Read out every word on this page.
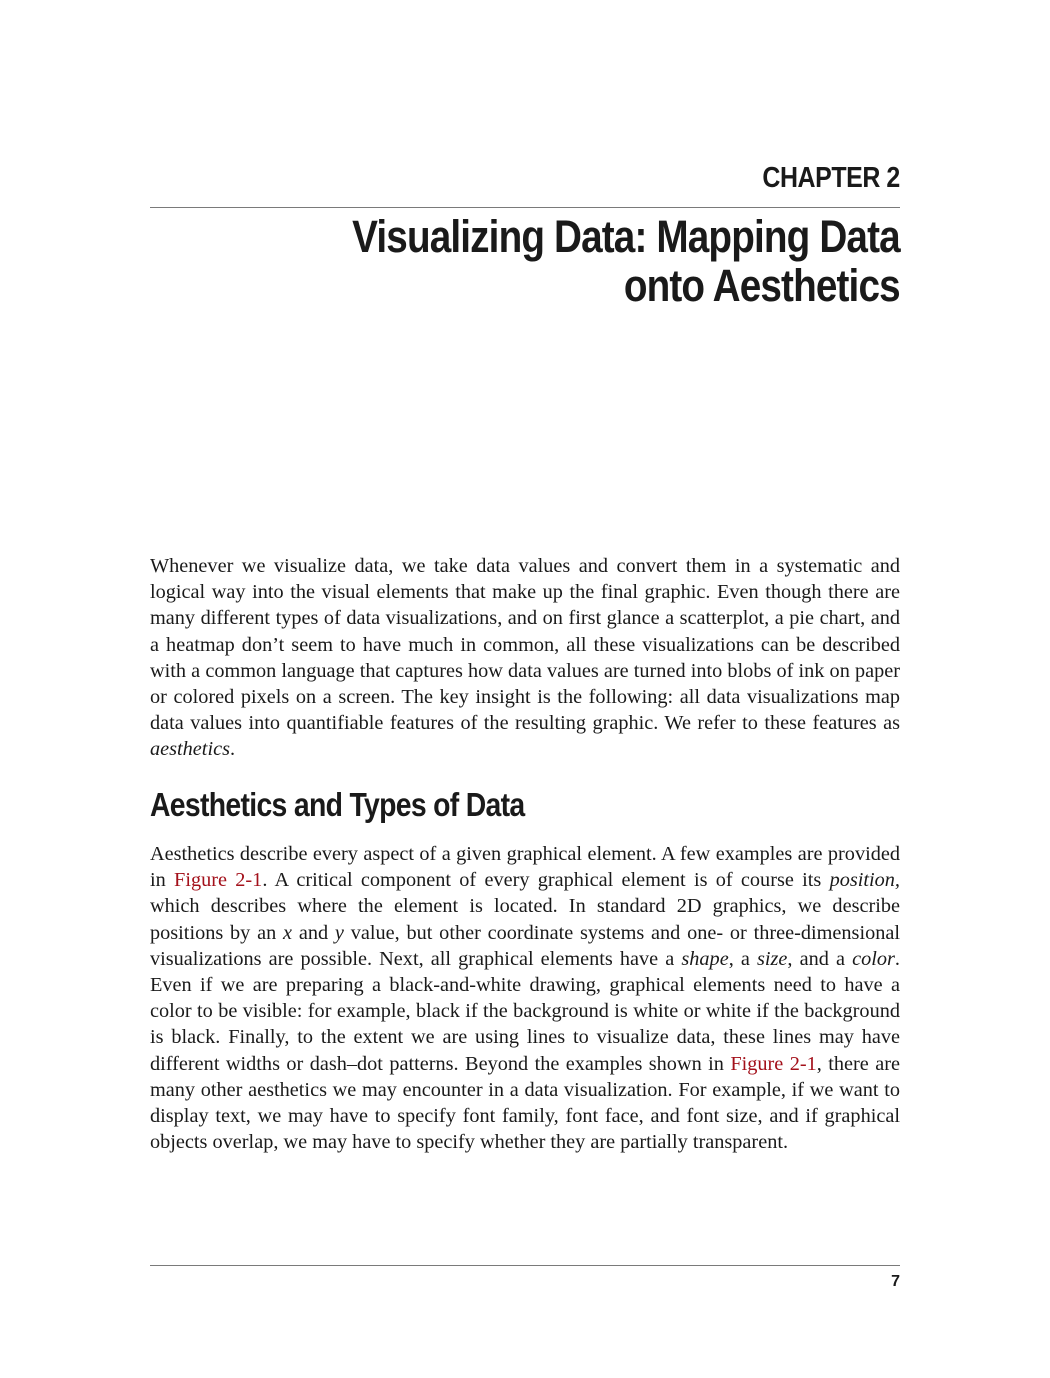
CHAPTER 2
Visualizing Data: Mapping Data
onto Aesthetics

Whenever we visualize data, we take data values and convert them in a systematic and logical way into the visual elements that make up the final graphic. Even though there are many different types of data visualizations, and on first glance a scatterplot, a pie chart, and a heatmap don’t seem to have much in common, all these visualizations can be described with a common language that captures how data values are turned into blobs of ink on paper or colored pixels on a screen. The key insight is the following: all data visualizations map data values into quantifiable features of the resulting graphic. We refer to these features as aesthetics.

Aesthetics and Types of Data

Aesthetics describe every aspect of a given graphical element. A few examples are provided in Figure 2-1. A critical component of every graphical element is of course its position, which describes where the element is located. In standard 2D graphics, we describe positions by an x and y value, but other coordinate systems and one- or three-dimensional visualizations are possible. Next, all graphical elements have a shape, a size, and a color. Even if we are preparing a black-and-white drawing, graphical elements need to have a color to be visible: for example, black if the background is white or white if the background is black. Finally, to the extent we are using lines to visualize data, these lines may have different widths or dash–dot patterns. Beyond the examples shown in Figure 2-1, there are many other aesthetics we may encounter in a data visualization. For example, if we want to display text, we may have to specify font family, font face, and font size, and if graphical objects overlap, we may have to specify whether they are partially transparent.

7
